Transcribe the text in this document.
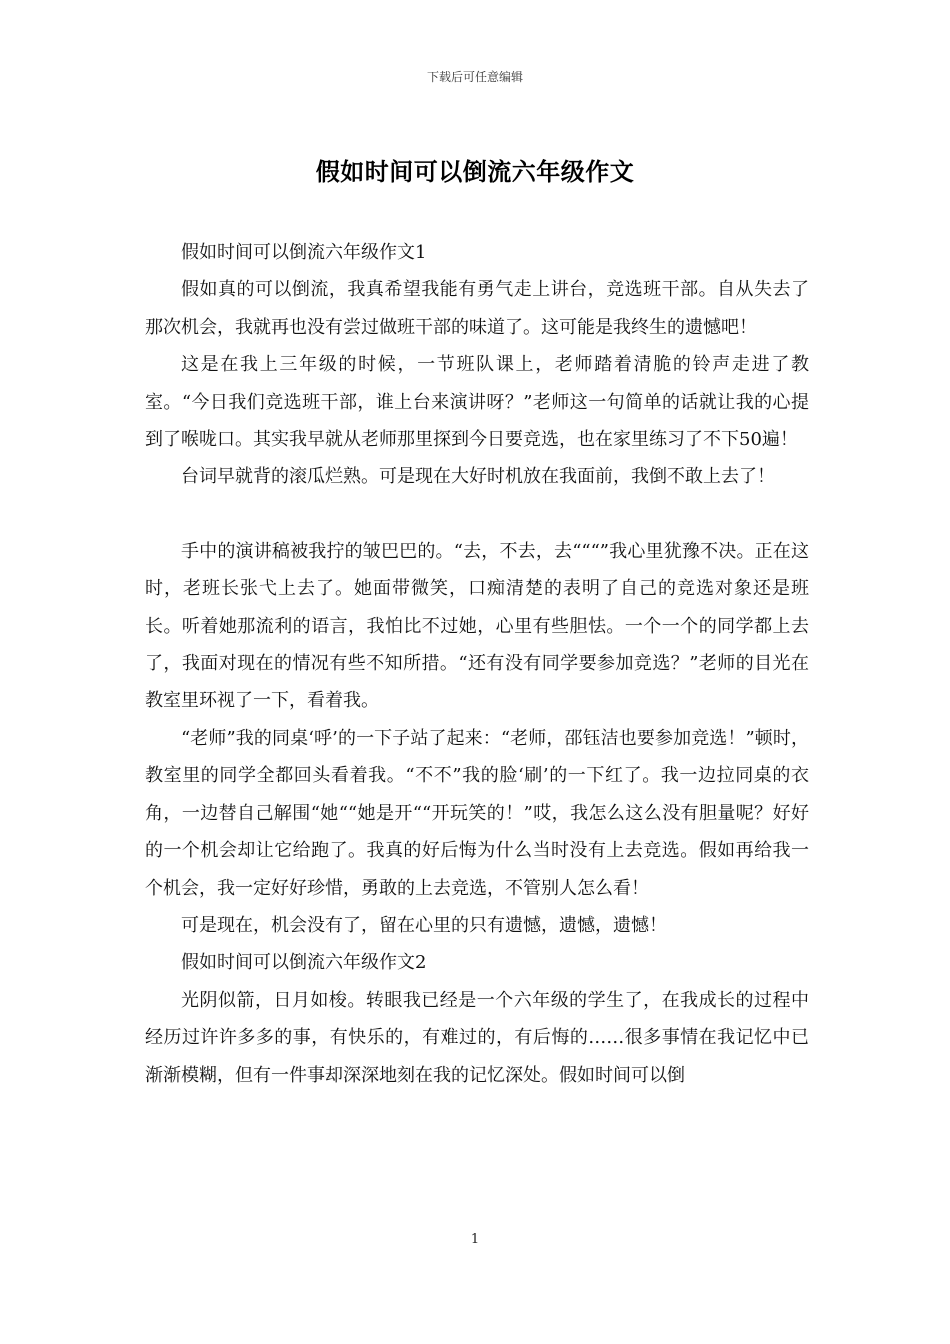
下载后可任意编辑
假如时间可以倒流六年级作文

假如时间可以倒流六年级作文1

假如真的可以倒流，我真希望我能有勇气走上讲台，竞选班干部。自从失去了那次机会，我就再也没有尝过做班干部的味道了。这可能是我终生的遗憾吧！

这是在我上三年级的时候，一节班队课上，老师踏着清脆的铃声走进了教室。“今日我们竞选班干部，谁上台来演讲呀？”老师这一句简单的话就让我的心提到了喉咙口。其实我早就从老师那里探到今日要竞选，也在家里练习了不下50遍！

台词早就背的滚瓜烂熟。可是现在大好时机放在我面前，我倒不敢上去了！

手中的演讲稿被我拧的皱巴巴的。“去，不去，去“““”我心里犹豫不决。正在这时，老班长张弋上去了。她面带微笑，口痴清楚的表明了自己的竞选对象还是班长。听着她那流利的语言，我怕比不过她，心里有些胆怯。一个一个的同学都上去了，我面对现在的情况有些不知所措。“还有没有同学要参加竞选？”老师的目光在教室里环视了一下，看着我。

“老师”我的同桌‘呼’的一下子站了起来：“老师，邵钰洁也要参加竞选！”顿时，教室里的同学全都回头看着我。“不不”我的脸‘刷’的一下红了。我一边拉同桌的衣角，一边替自己解围“她““她是开““开玩笑的！”哎，我怎么这么没有胆量呢？好好的一个机会却让它给跑了。我真的好后悔为什么当时没有上去竞选。假如再给我一个机会，我一定好好珍惜，勇敢的上去竞选，不管别人怎么看！

可是现在，机会没有了，留在心里的只有遗憾，遗憾，遗憾！

假如时间可以倒流六年级作文2

光阴似箭，日月如梭。转眼我已经是一个六年级的学生了，在我成长的过程中经历过许许多多的事，有快乐的，有难过的，有后悔的……很多事情在我记忆中已渐渐模糊，但有一件事却深深地刻在我的记忆深处。假如时间可以倒

1
